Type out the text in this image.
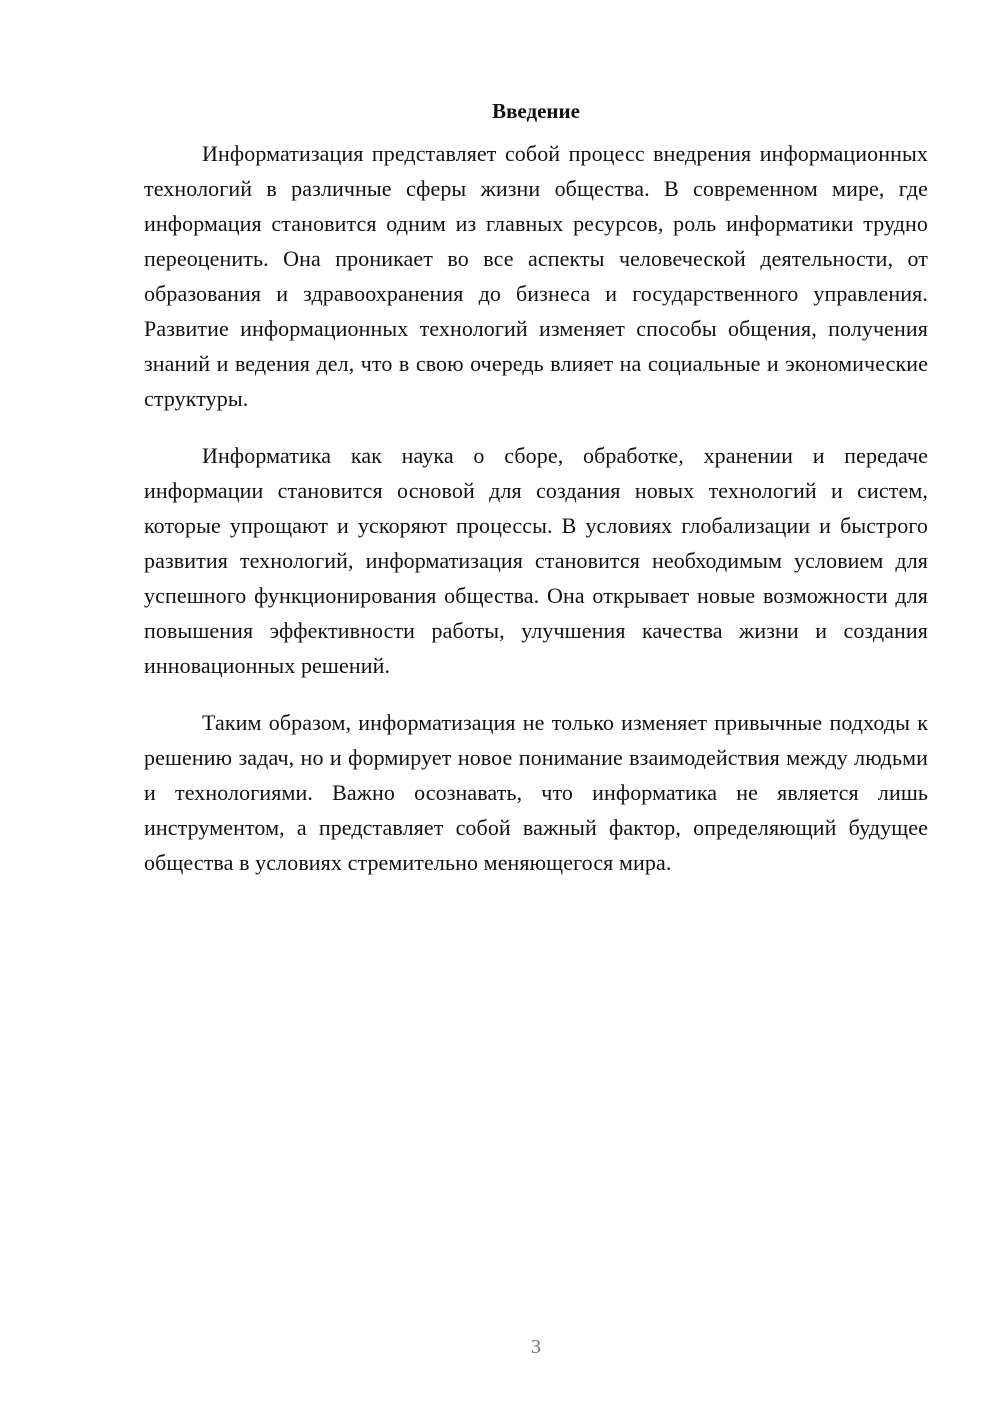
Введение

Информатизация представляет собой процесс внедрения информационных технологий в различные сферы жизни общества. В современном мире, где информация становится одним из главных ресурсов, роль информатики трудно переоценить. Она проникает во все аспекты человеческой деятельности, от образования и здравоохранения до бизнеса и государственного управления. Развитие информационных технологий изменяет способы общения, получения знаний и ведения дел, что в свою очередь влияет на социальные и экономические структуры.

Информатика как наука о сборе, обработке, хранении и передаче информации становится основой для создания новых технологий и систем, которые упрощают и ускоряют процессы. В условиях глобализации и быстрого развития технологий, информатизация становится необходимым условием для успешного функционирования общества. Она открывает новые возможности для повышения эффективности работы, улучшения качества жизни и создания инновационных решений.

Таким образом, информатизация не только изменяет привычные подходы к решению задач, но и формирует новое понимание взаимодействия между людьми и технологиями. Важно осознавать, что информатика не является лишь инструментом, а представляет собой важный фактор, определяющий будущее общества в условиях стремительно меняющегося мира.

3
